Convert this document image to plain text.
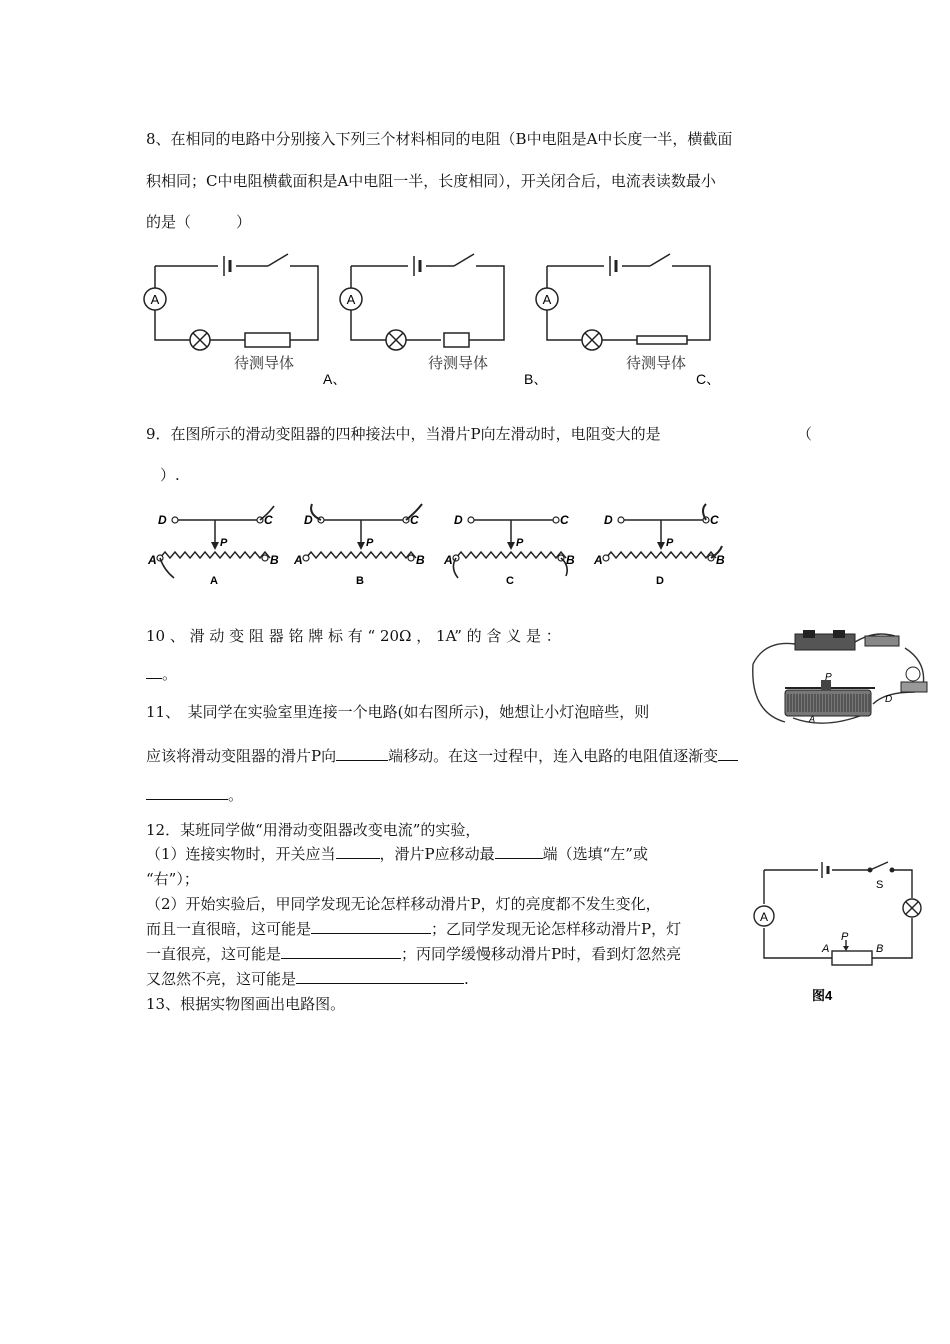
8、在相同的电路中分别接入下列三个材料相同的电阻（B中电阻是A中长度一半，横截面
积相同；C中电阻横截面积是A中电阻一半，长度相同），开关闭合后，电流表读数最小
的是（　　　）
A
待测导体
A、
A
待测导体
B、
A
待测导体
C、
9．在图所示的滑动变阻器的四种接法中，当滑片P向左滑动时，电阻变大的是	（
）.
D	C
A	B
P
A
D	C
A	B
P
B
D	C
A	B
P
C
D	C
A	B
P
D
10 、 滑 动 变 阻 器 铭 牌 标 有 “ 20Ω ， 1A” 的 含 义 是 ：
。	P
D
A
11、　某同学在实验室里连接一个电路(如右图所示)，她想让小灯泡暗些，则
应该将滑动变阻器的滑片P向	端移动。在这一过程中，连入电路的电阻值逐渐变
。
12．某班同学做“用滑动变阻器改变电流”的实验，
（1）连接实物时，开关应当	，滑片P应移动最	端（选填“左”或
“右”）；
（2）开始实验后，甲同学发现无论怎样移动滑片P，灯的亮度都不发生变化，
而且一直很暗，这可能是	；乙同学发现无论怎样移动滑片P，灯
一直很亮，这可能是	；丙同学缓慢移动滑片P时，看到灯忽然亮
又忽然不亮，这可能是	.
A
S
A	B
P
图4
13、根据实物图画出电路图。
